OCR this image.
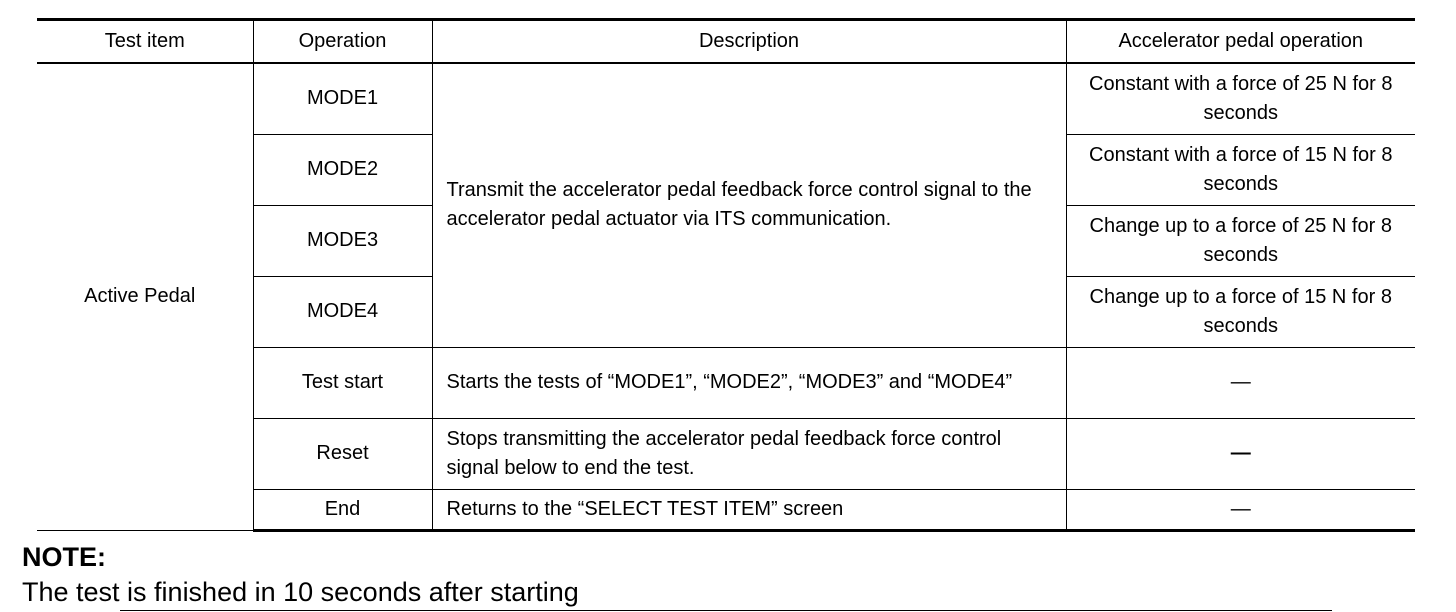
Test item	Operation	Description	Accelerator pedal operation
Active Pedal	MODE1	Transmit the accelerator pedal feedback force control signal to the accelerator pedal actuator via ITS communication.	Constant with a force of 25 N for 8 seconds
	MODE2		Constant with a force of 15 N for 8 seconds
	MODE3		Change up to a force of 25 N for 8 seconds
	MODE4		Change up to a force of 15 N for 8 seconds
	Test start	Starts the tests of “MODE1”, “MODE2”, “MODE3” and “MODE4”	—
	Reset	Stops transmitting the accelerator pedal feedback force control signal below to end the test.	—
	End	Returns to the “SELECT TEST ITEM” screen	—
NOTE:
The test is finished in 10 seconds after starting
